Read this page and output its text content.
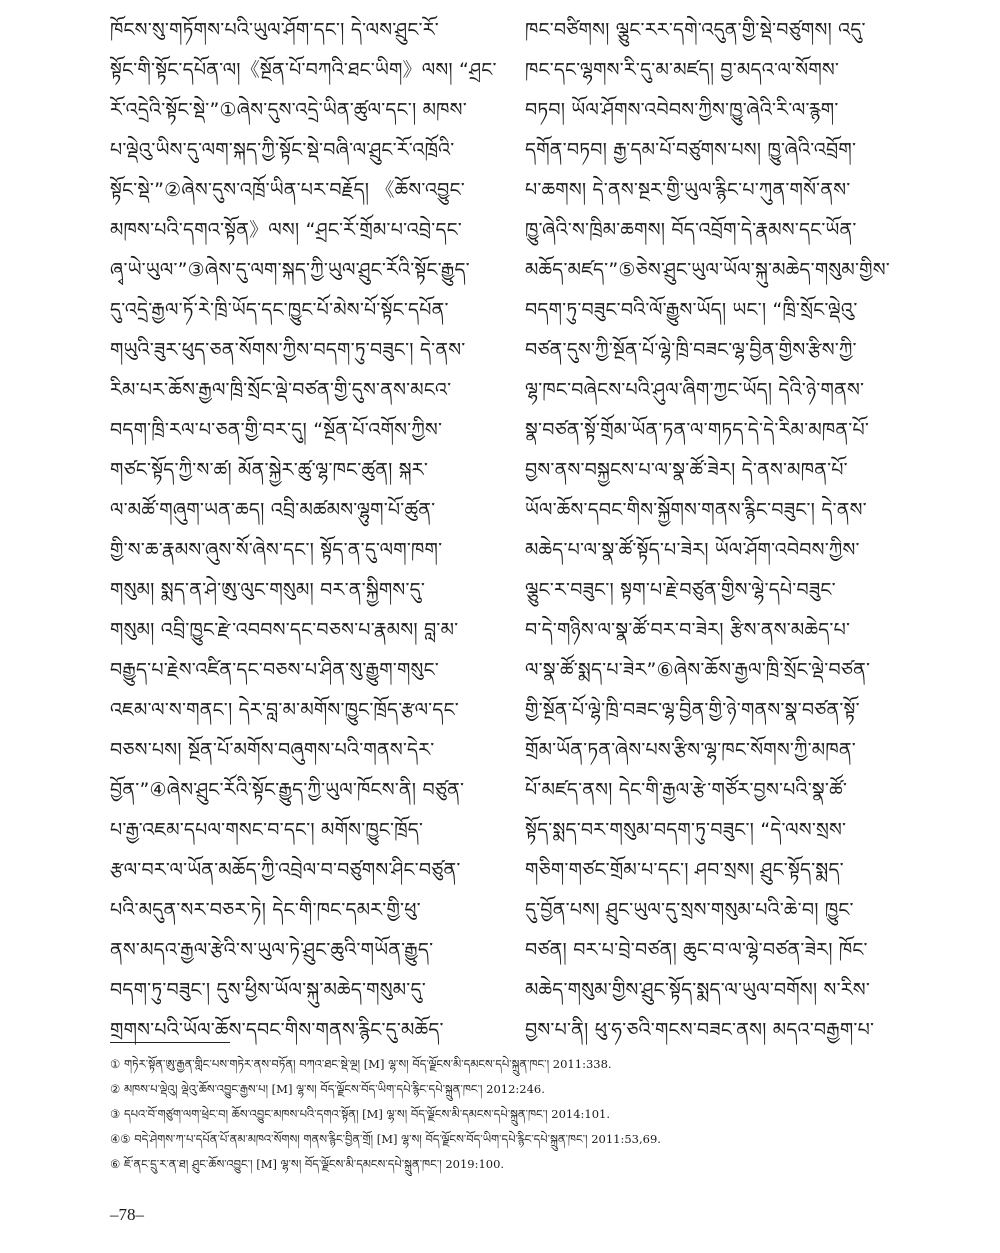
ཁོངས་སུ་གཏོགས་པའི་ཡུལ་ཤོག་དང་། དེ་ལས་ཤྲུང་རོ་
སྟོང་གི་སྟོང་དཔོན་ལ།《སྔོན་པོ་བཀའི་ཐང་ཡིག》ལས། “ཤྲང་
རོ་འདྲེའི་སྟོང་སྡེ་”①ཞེས་དུས་འདྲེ་ཡིན་ཚུལ་དང་། མཁས་
པ་ལྡེའུ་ཡིས་དུ་ལག་སྐད་ཀྱི་སྟོང་སྡེ་བཞི་ལ་ཤྲུང་རོ་འཁྲོའི་
སྟོང་སྡེ་”②ཞེས་དུས་འཁྲོ་ཡིན་པར་བརྗོད། 《ཆོས་འབྱུང་
མཁས་པའི་དགའ་སྟོན》ལས། “ཤྲང་རོ་གྲོམ་པ་འབྲེ་དང་
ཞྭ་ཡེ་ཡུལ་”③ཞེས་དུ་ལག་སྐད་ཀྱི་ཡུལ་ཤྲུང་རོའི་སྟོང་རྒྱུད་
དུ་འདྲེ་རྒྱལ་ཏོ་རེ་ཁྲི་ཡོད་དང་ཁྱུང་པོ་མེས་པོ་སྟོང་དཔོན་
གཡུའི་ཟུར་ཕུད་ཅན་སོགས་ཀྱིས་བདག་ཏུ་བཟུང་། དེ་ནས་
རིམ་པར་ཆོས་རྒྱལ་ཁྲི་སྲོང་ལྡེ་བཙན་གྱི་དུས་ནས་མངའ་
བདག་ཁྲི་རལ་པ་ཅན་གྱི་བར་དུ། “སྔོན་པོ་འགོས་ཀྱིས་
གཙང་སྟོད་ཀྱི་ས་ཚ། མོན་སྐྱེར་ཚུ་ལྷ་ཁང་ཚུན། སྐར་
ལ་མཚོ་གཞུག་ཡན་ཆད། འབྲི་མཚམས་ལྷུག་པོ་ཚུན་
གྱི་ས་ཆ་རྣམས་ཞུས་སོ་ཞེས་དང་། སྟོད་ན་དུ་ལག་ཁག་
གསུམ། སྨད་ན་ཤེ་ཨུ་ལུང་གསུམ། བར་ན་སྐྱིགས་དུ་
གསུམ། འབྲི་ཁྱུང་རྫེ་འབབས་དང་བཅས་པ་རྣམས། བླ་མ་
བརྒྱུད་པ་རྗེས་འཛིན་དང་བཅས་པ་ཤིན་སུ་རྒྱུག་གསུང་
འཇམ་ལ་ས་གནང་། དེར་བླ་མ་མགོས་ཁྱུང་ཁྲོད་རྩལ་དང་
བཅས་པས། སྔོན་པོ་མགོས་བཞུགས་པའི་གནས་དེར་
བྱོན་”④ཞེས་ཤྲུང་རོའི་སྟོང་རྒྱུད་ཀྱི་ཡུལ་ཁོངས་ནི། བཙུན་
པ་རྒྱ་འཇམ་དཔལ་གསང་བ་དང་། མགོས་ཁྱུང་ཁྲོད་
རྩལ་བར་ལ་ཡོན་མཆོད་ཀྱི་འབྲེལ་བ་བཙུགས་ཤིང་བཙུན་
པའི་མདུན་སར་བཅར་ཏེ། དེང་གི་ཁང་དམར་གྱི་ཕུ་
ནས་མདའ་རྒྱལ་རྩེའི་ས་ཡུལ་ཏེ་ཤྲུང་ཆུའི་གཡོན་རྒྱུད་
བདག་ཏུ་བཟུང་། དུས་ཕྱིས་ཡོལ་སྐུ་མཆེད་གསུམ་དུ་
གྲགས་པའི་ཡོལ་ཆོས་དབང་གིས་གནས་རྙིང་དུ་མཆོད་
ཁང་བཙིགས། ལྕུང་རར་དགེ་འདུན་གྱི་སྡེ་བཙུགས། འདུ་
ཁང་དང་ལྷགས་རི་དུ་མ་མཛད། བྱ་མདའ་ལ་སོགས་
བཏབ། ཡོལ་ཤོགས་འབེབས་ཀྱིས་ཁྱུ་ཞེའི་རི་ལ་རྙག་
དགོན་བཏབ། རྒྱ་དམ་པོ་བཙུགས་པས། ཁྱུ་ཞེའི་འབྲོག་
པ་ཆགས། དེ་ནས་སྔར་གྱི་ཡུལ་རྙིང་པ་ཀུན་གསོ་ནས་
ཁྱུ་ཞེའི་ས་ཁྲིམ་ཆགས། བོད་འབྲོག་དེ་རྣམས་དང་ཡོན་
མཆོད་མཛད་”⑤ཅེས་ཤྲུང་ཡུལ་ཡོལ་སྐུ་མཆེད་གསུམ་གྱིས་
བདག་ཏུ་བཟུང་བའི་ལོ་རྒྱུས་ཡོད། ཡང་། “ཁྲི་སྲོང་ལྡེའུ་
བཙན་དུས་ཀྱི་སྔོན་པོ་ལྷེ་ཁྲི་བཟང་ལྷ་བྱིན་གྱིས་རྩིས་ཀྱི་
ལྷ་ཁང་བཞེངས་པའི་ཤུལ་ཞིག་ཀྱང་ཡོད། དེའི་ཉེ་གནས་
སྣ་བཙན་སྟོ་གྲོམ་ཡོན་ཏན་ལ་གཏད་དེ་དེ་རིམ་མཁན་པོ་
བྱས་ནས་བསྐྱངས་པ་ལ་སྣ་ཚོ་ཟེར། དེ་ནས་མཁན་པོ་
ཡོལ་ཆོས་དབང་གིས་སྐྱོགས་གནས་རྙིང་བཟུང་། དེ་ནས་
མཆེད་པ་ལ་སྣ་ཚོ་སྟོད་པ་ཟེར། ཡོལ་ཤོག་འབེབས་ཀྱིས་
ལྕུང་ར་བཟུང་། སྟག་པ་རྗེ་བཙུན་གྱིས་ལྷེ་དཔེ་བཟུང་
བ་དེ་གཉིས་ལ་སྣ་ཚོ་བར་བ་ཟེར། རྩིས་ནས་མཆེད་པ་
ལ་སྣ་ཚོ་སྨད་པ་ཟེར”⑥ཞེས་ཆོས་རྒྱལ་ཁྲི་སྲོང་ལྡེ་བཙན་
གྱི་སྔོན་པོ་ལྷེ་ཁྲི་བཟང་ལྷ་བྱིན་གྱི་ཉེ་གནས་སྣ་བཙན་སྟོ་
གྲོམ་ཡོན་ཏན་ཞེས་པས་རྩིས་ལྷ་ཁང་སོགས་ཀྱི་མཁན་
པོ་མཛད་ནས། དེང་གི་རྒྱལ་རྩེ་གཙོར་བྱས་པའི་སྣ་ཚོ་
སྟོད་སྨད་བར་གསུམ་བདག་ཏུ་བཟུང་། “དེ་ལས་སྲས་
གཅིག་གཙང་གྲོམ་པ་དང་། ཤབ་སྲས། ཤྲུང་སྟོད་སྨད་
དུ་བྱོན་པས། ཤྲུང་ཡུལ་དུ་སྲས་གསུམ་པའི་ཆེ་བ། ཁྱུང་
བཙན། བར་པ་བྲེ་བཙན། ཆུང་བ་ལ་ལྷེ་བཙན་ཟེར། ཁོང་
མཆེད་གསུམ་གྱིས་ཤྲུང་སྟོད་སྨད་ལ་ཡུལ་བགོས། ས་རིས་
བྱས་པ་ནི། ཕུ་ཧ་ཅའི་གངས་བཟང་ནས། མདའ་བརྒྱག་པ་
① གཏེར་སྟོན་ཨུ་རྒྱན་གླིང་པས་གཏེར་ནས་བཏོན། བཀའ་ཐང་སྡེ་ལྔ། [M] ལྷ་ས། བོད་ལྗོངས་མི་དམངས་དཔེ་སྐྲུན་ཁང་། 2011:338.
② མཁས་པ་ལྡེའུ། ལྡེའུ་ཆོས་འབྱུང་རྒྱས་པ། [M] ལྷ་ས། བོད་ལྗོངས་བོད་ཡིག་དཔེ་རྙིང་དཔེ་སྐྲུན་ཁང་། 2012:246.
③ དཔའ་བོ་གཙུག་ལག་ཕྲེང་བ། ཆོས་འབྱུང་མཁས་པའི་དགའ་སྟོན། [M] ལྷ་ས། བོད་ལྗོངས་མི་དམངས་དཔེ་སྐྲུན་ཁང་། 2014:101.
④⑤ བདེ་ཤེགས་ཀ་པ་དཔོན་པོ་ནམ་མཁའ་སོགས། གནས་རྙིང་བྱིན་གྲོ། [M] ལྷ་ས། བོད་ལྗོངས་བོད་ཡིག་དཔེ་རྙིང་དཔེ་སྐྲུན་ཁང་། 2011:53,69.
⑥ ཇོ་ནང་དྲུ་ར་ན་ཐ། ཤྲུང་ཆོས་འབྱུང་། [M] ལྷ་ས། བོད་ལྗོངས་མི་དམངས་དཔེ་སྐྲུན་ཁང་། 2019:100.
–78–
